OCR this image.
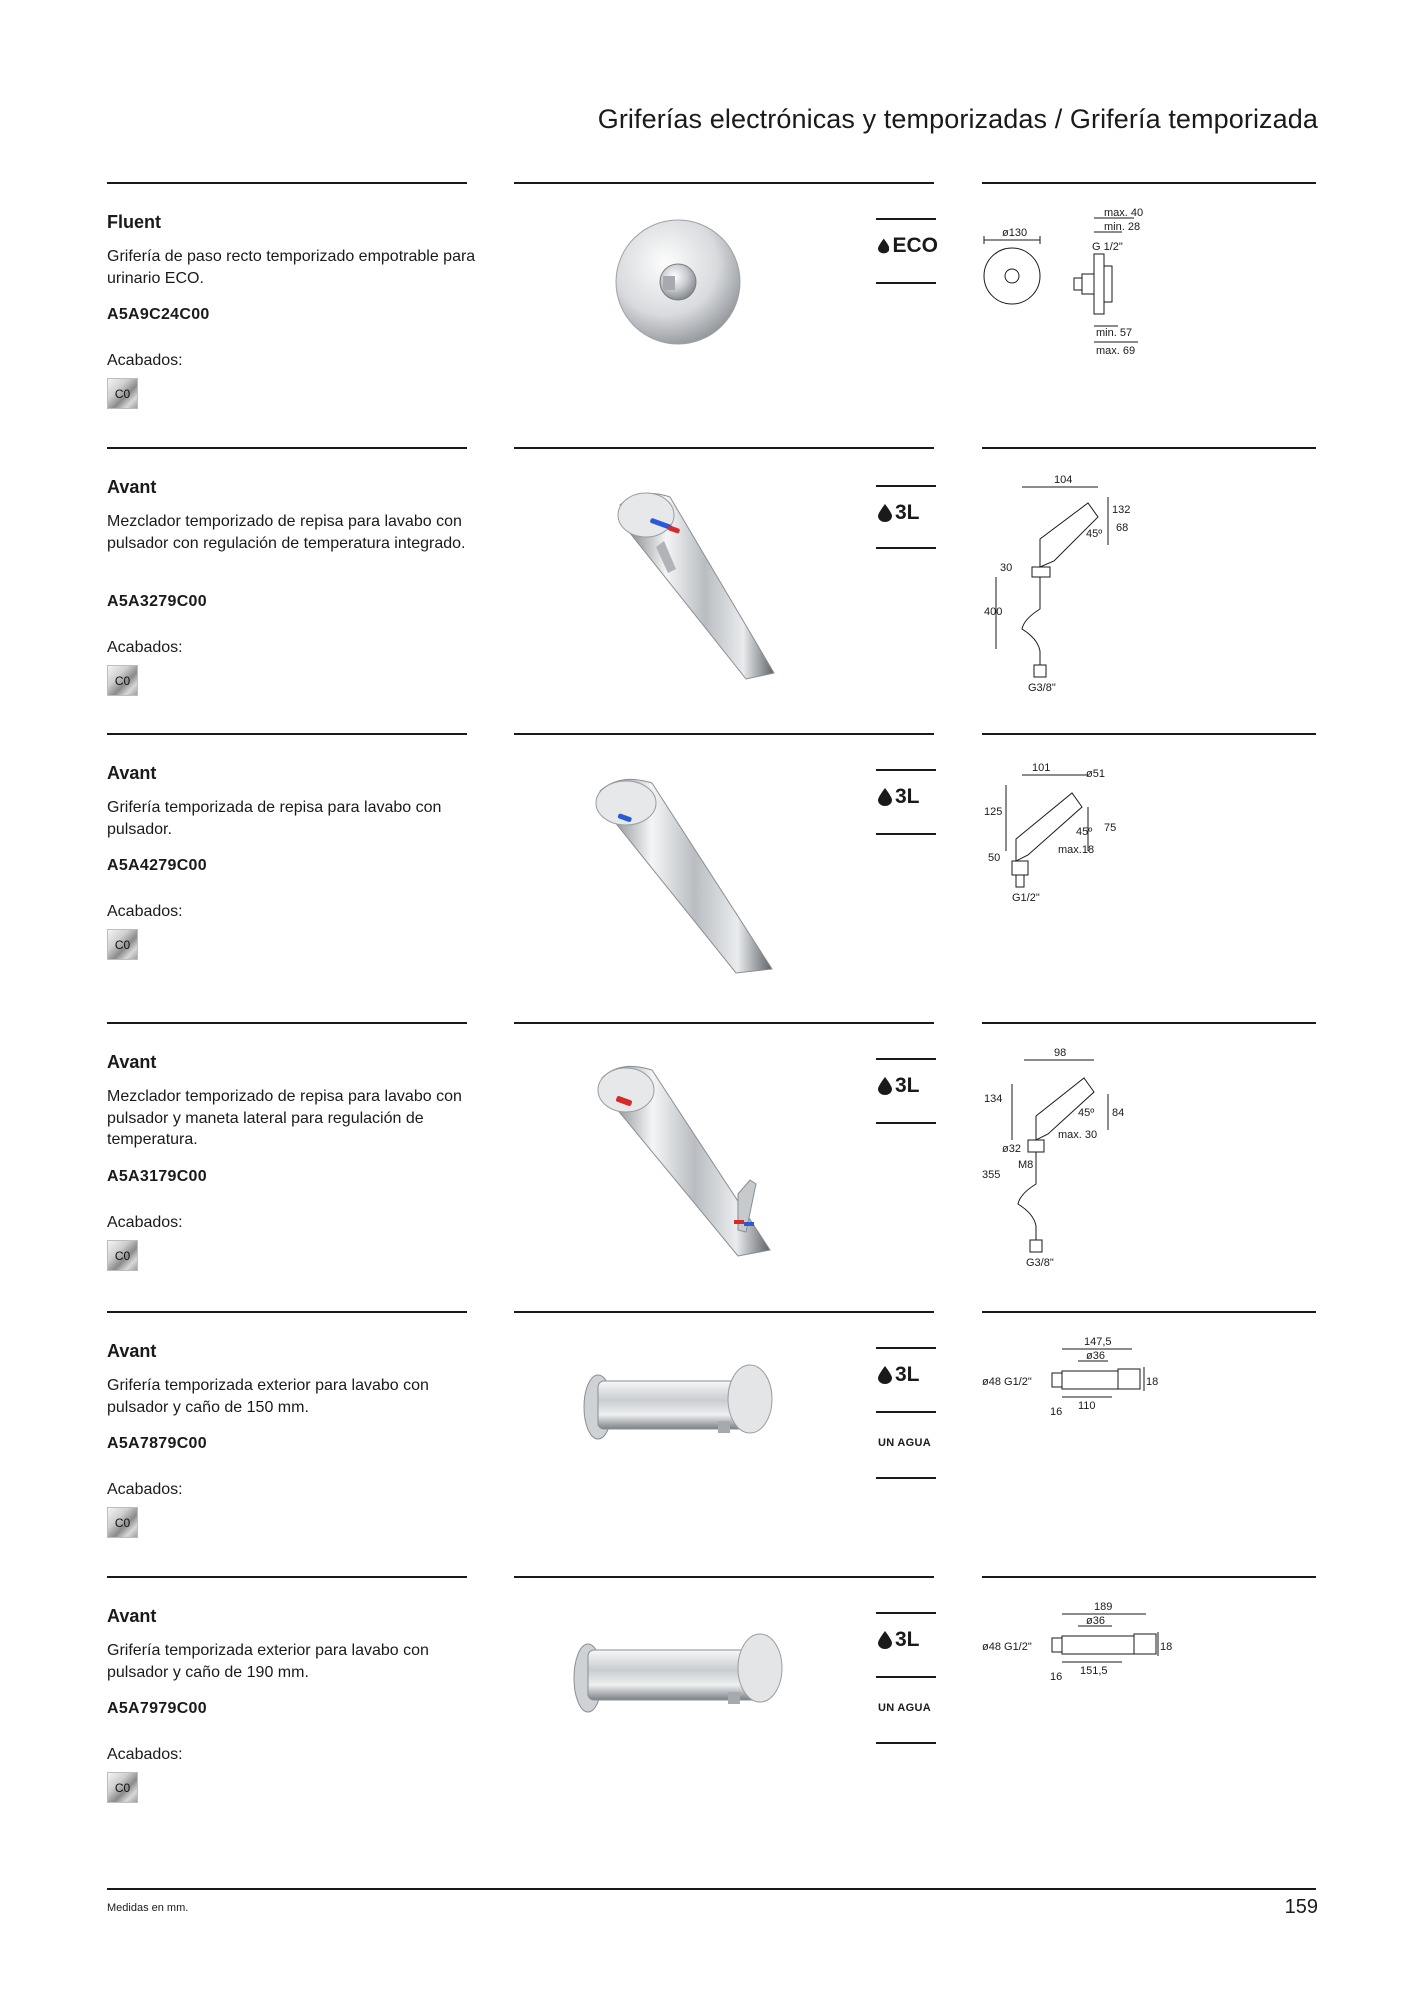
Griferías electrónicas y temporizadas / Grifería temporizada
Fluent
Grifería de paso recto temporizado empotrable para urinario ECO.
A5A9C24C00
Acabados:
C0
ECO
max. 40
min. 28
ø130
G 1/2"
min. 57
max. 69
Avant
Mezclador temporizado de repisa para lavabo con pulsador con regulación de temperatura integrado.
A5A3279C00
Acabados:
C0
3L
104
132
68
45º
30
400
G3/8"
Avant
Grifería temporizada de repisa para lavabo con pulsador.
A5A4279C00
Acabados:
C0
3L
101	ø51
125
45º 75
50
max.18
G1/2"
Avant
Mezclador temporizado de repisa para lavabo con pulsador y maneta lateral para regulación de temperatura.
A5A3179C00
Acabados:
C0
3L
98
134
45º 84
max. 30
ø32
M8
355
G3/8"
Avant
Grifería temporizada exterior para lavabo con pulsador y caño de 150 mm.
A5A7879C00
Acabados:
C0
3L
UN AGUA
147,5
ø36
ø48 G1/2"	18
110
16
Avant
Grifería temporizada exterior para lavabo con pulsador y caño de 190 mm.
A5A7979C00
Acabados:
C0
3L
UN AGUA
189
ø36
ø48 G1/2"	18
151,5
16
Medidas en mm.	159
